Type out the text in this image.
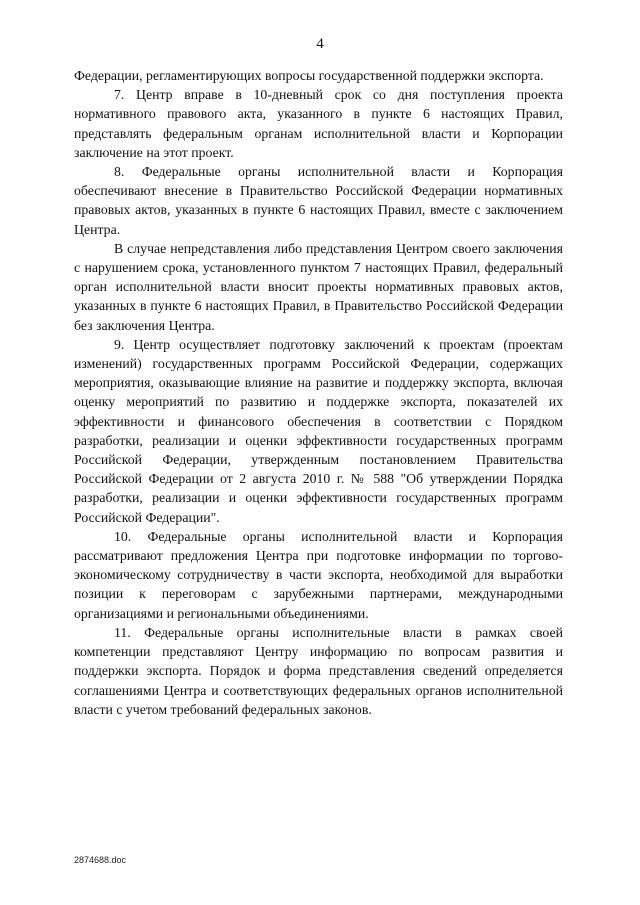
4

Федерации, регламентирующих вопросы государственной поддержки экспорта.

7. Центр вправе в 10-дневный срок со дня поступления проекта нормативного правового акта, указанного в пункте 6 настоящих Правил, представлять федеральным органам исполнительной власти и Корпорации заключение на этот проект.

8. Федеральные органы исполнительной власти и Корпорация обеспечивают внесение в Правительство Российской Федерации нормативных правовых актов, указанных в пункте 6 настоящих Правил, вместе с заключением Центра.

В случае непредставления либо представления Центром своего заключения с нарушением срока, установленного пунктом 7 настоящих Правил, федеральный орган исполнительной власти вносит проекты нормативных правовых актов, указанных в пункте 6 настоящих Правил, в Правительство Российской Федерации без заключения Центра.

9. Центр осуществляет подготовку заключений к проектам (проектам изменений) государственных программ Российской Федерации, содержащих мероприятия, оказывающие влияние на развитие и поддержку экспорта, включая оценку мероприятий по развитию и поддержке экспорта, показателей их эффективности и финансового обеспечения в соответствии с Порядком разработки, реализации и оценки эффективности государственных программ Российской Федерации, утвержденным постановлением Правительства Российской Федерации от 2 августа 2010 г. № 588 "Об утверждении Порядка разработки, реализации и оценки эффективности государственных программ Российской Федерации".

10. Федеральные органы исполнительной власти и Корпорация рассматривают предложения Центра при подготовке информации по торгово-экономическому сотрудничеству в части экспорта, необходимой для выработки позиции к переговорам с зарубежными партнерами, международными организациями и региональными объединениями.

11. Федеральные органы исполнительные власти в рамках своей компетенции представляют Центру информацию по вопросам развития и поддержки экспорта. Порядок и форма представления сведений определяется соглашениями Центра и соответствующих федеральных органов исполнительной власти с учетом требований федеральных законов.

2874688.doc
